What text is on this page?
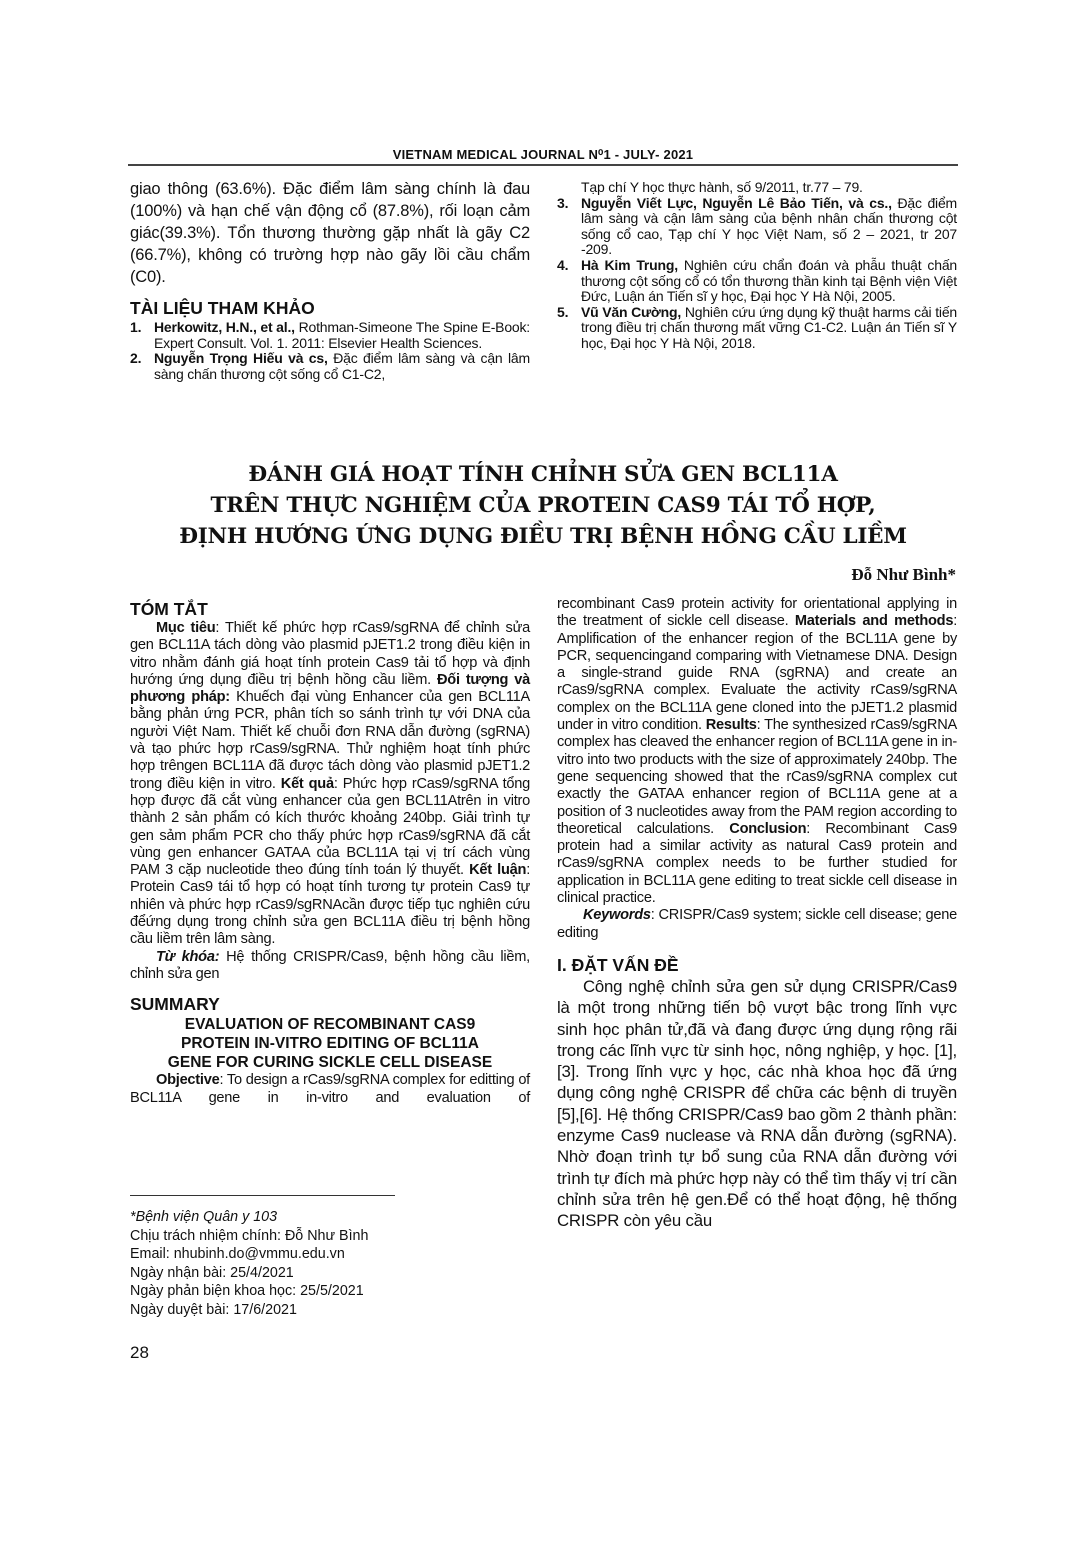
VIETNAM MEDICAL JOURNAL N⁰1 - JULY- 2021
giao thông (63.6%). Đặc điểm lâm sàng chính là đau (100%) và hạn chế vận động cổ (87.8%), rối loạn cảm giác(39.3%). Tổn thương thường gặp nhất là gãy C2 (66.7%), không có trường hợp nào gãy lồi cầu chẩm (C0).
TÀI LIỆU THAM KHẢO
1. Herkowitz, H.N., et al., Rothman-Simeone The Spine E-Book: Expert Consult. Vol. 1. 2011: Elsevier Health Sciences.
2. Nguyễn Trọng Hiếu và cs, Đặc điểm lâm sàng và cận lâm sàng chấn thương cột sống cổ C1-C2,
Tạp chí Y học thực hành, số 9/2011, tr.77 – 79.
3. Nguyễn Viết Lực, Nguyễn Lê Bảo Tiến, và cs., Đặc điểm lâm sàng và cận lâm sàng của bệnh nhân chấn thương cột sống cổ cao, Tạp chí Y học Việt Nam, số 2 – 2021, tr 207 -209.
4. Hà Kim Trung, Nghiên cứu chẩn đoán và phẫu thuật chấn thương cột sống cổ có tổn thương thần kinh tại Bệnh viện Việt Đức, Luận án Tiến sĩ y học, Đại học Y Hà Nội, 2005.
5. Vũ Văn Cường, Nghiên cứu ứng dụng kỹ thuật harms cải tiến trong điều trị chấn thương mất vững C1-C2. Luận án Tiến sĩ Y học, Đại học Y Hà Nội, 2018.
ĐÁNH GIÁ HOẠT TÍNH CHỈNH SỬA GEN BCL11A
TRÊN THỰC NGHIỆM CỦA PROTEIN CAS9 TÁI TỔ HỢP,
ĐỊNH HƯỚNG ỨNG DỤNG ĐIỀU TRỊ BỆNH HỒNG CẦU LIỀM
Đỗ Như Bình*
TÓM TẮT
Mục tiêu: Thiết kế phức hợp rCas9/sgRNA để chỉnh sửa gen BCL11A tách dòng vào plasmid pJET1.2 trong điều kiện in vitro nhằm đánh giá hoạt tính protein Cas9 tải tổ hợp và định hướng ứng dụng điều trị bệnh hồng cầu liềm. Đối tượng và phương pháp: Khuếch đại vùng Enhancer của gen BCL11A bằng phản ứng PCR, phân tích so sánh trình tự với DNA của người Việt Nam. Thiết kế chuỗi đơn RNA dẫn đường (sgRNA) và tạo phức hợp rCas9/sgRNA. Thử nghiệm hoạt tính phức hợp trêngen BCL11A đã được tách dòng vào plasmid pJET1.2 trong điều kiện in vitro. Kết quả: Phức hợp rCas9/sgRNA tổng hợp được đã cắt vùng enhancer của gen BCL11Atrên in vitro thành 2 sản phẩm có kích thước khoảng 240bp. Giải trình tự gen sảm phẩm PCR cho thấy phức hợp rCas9/sgRNA đã cắt vùng gen enhancer GATAA của BCL11A tại vị trí cách vùng PAM 3 cặp nucleotide theo đúng tính toán lý thuyết. Kết luận: Protein Cas9 tái tổ hợp có hoạt tính tương tự protein Cas9 tự nhiên và phức hợp rCas9/sgRNAcần được tiếp tục nghiên cứu đểứng dụng trong chỉnh sửa gen BCL11A điều trị bệnh hồng cầu liềm trên lâm sàng.
Từ khóa: Hệ thống CRISPR/Cas9, bệnh hồng cầu liềm, chỉnh sửa gen
SUMMARY
EVALUATION OF RECOMBINANT CAS9
PROTEIN IN-VITRO EDITING OF BCL11A
GENE FOR CURING SICKLE CELL DISEASE
Objective: To design a rCas9/sgRNA complex for editting of BCL11A gene in in-vitro and evaluation of
*Bệnh viện Quân y 103
Chịu trách nhiệm chính: Đỗ Như Bình
Email: nhubinh.do@vmmu.edu.vn
Ngày nhận bài: 25/4/2021
Ngày phản biện khoa học: 25/5/2021
Ngày duyệt bài: 17/6/2021
28
recombinant Cas9 protein activity for orientational applying in the treatment of sickle cell disease. Materials and methods: Amplification of the enhancer region of the BCL11A gene by PCR, sequencingand comparing with Vietnamese DNA. Design a single-strand guide RNA (sgRNA) and create an rCas9/sgRNA complex. Evaluate the activity rCas9/sgRNA complex on the BCL11A gene cloned into the pJET1.2 plasmid under in vitro condition. Results: The synthesized rCas9/sgRNA complex has cleaved the enhancer region of BCL11A gene in in-vitro into two products with the size of approximately 240bp. The gene sequencing showed that the rCas9/sgRNA complex cut exactly the GATAA enhancer region of BCL11A gene at a position of 3 nucleotides away from the PAM region according to theoretical calculations. Conclusion: Recombinant Cas9 protein had a similar activity as natural Cas9 protein and rCas9/sgRNA complex needs to be further studied for application in BCL11A gene editing to treat sickle cell disease in clinical practice.
Keywords: CRISPR/Cas9 system; sickle cell disease; gene editing
I. ĐẶT VẤN ĐỀ
Công nghệ chỉnh sửa gen sử dụng CRISPR/Cas9 là một trong những tiến bộ vượt bậc trong lĩnh vực sinh học phân tử,đã và đang được ứng dụng rộng rãi trong các lĩnh vực từ sinh học, nông nghiệp, y học. [1],[3]. Trong lĩnh vực y học, các nhà khoa học đã ứng dụng công nghệ CRISPR để chữa các bệnh di truyền [5],[6]. Hệ thống CRISPR/Cas9 bao gồm 2 thành phần: enzyme Cas9 nuclease và RNA dẫn đường (sgRNA). Nhờ đoạn trình tự bổ sung của RNA dẫn đường với trình tự đích mà phức hợp này có thể tìm thấy vị trí cần chỉnh sửa trên hệ gen.Để có thể hoạt động, hệ thống CRISPR còn yêu cầu
